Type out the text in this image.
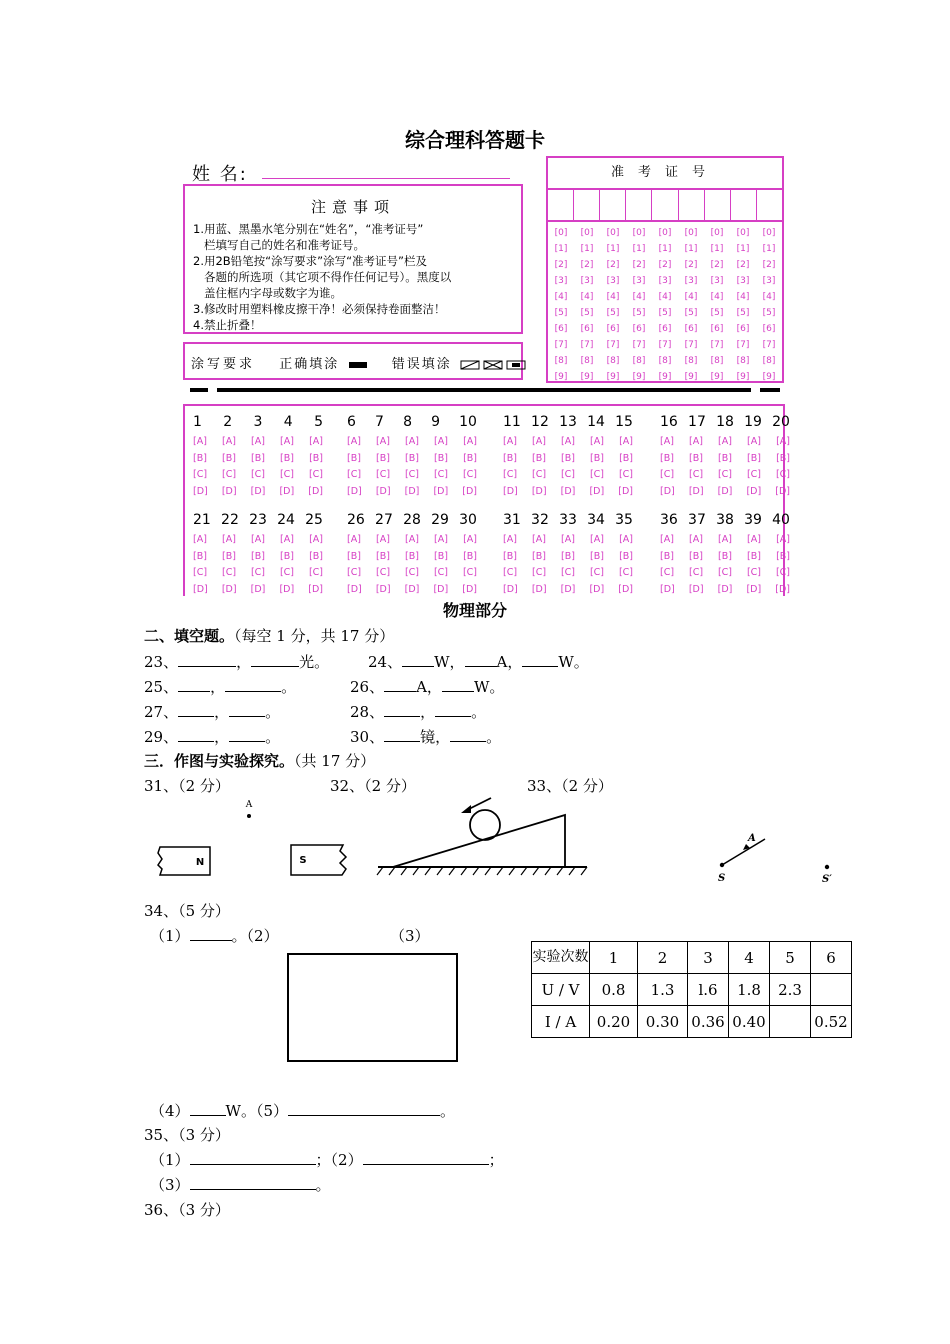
综合理科答题卡
姓 名:
注意事项
1.用蓝、黑墨水笔分别在“姓名”，“准考证号”
栏填写自己的姓名和准考证号。
2.用2B铅笔按“涂写要求”涂写“准考证号”栏及
各题的所选项（其它项不得作任何记号）。黑度以
盖住框内字母或数字为谁。
3.修改时用塑料橡皮擦干净！必须保持卷面整洁！
4.禁止折叠！
涂写要求 正确填涂	错误填涂
准考证号
[0] [0] [0] [0] [0] [0] [0] [0] [0]
[1] [1] [1] [1] [1] [1] [1] [1] [1]
[2] [2] [2] [2] [2] [2] [2] [2] [2]
[3] [3] [3] [3] [3] [3] [3] [3] [3]
[4] [4] [4] [4] [4] [4] [4] [4] [4]
[5] [5] [5] [5] [5] [5] [5] [5] [5]
[6] [6] [6] [6] [6] [6] [6] [6] [6]
[7] [7] [7] [7] [7] [7] [7] [7] [7]
[8] [8] [8] [8] [8] [8] [8] [8] [8]
[9] [9] [9] [9] [9] [9] [9] [9] [9]
1 2 3 4 5
[A] [A] [A] [A] [A]
[B] [B] [B] [B] [B]
[C] [C] [C] [C] [C]
[D] [D] [D] [D] [D]
6 7 8 9 10
[A] [A] [A] [A] [A]
[B] [B] [B] [B] [B]
[C] [C] [C] [C] [C]
[D] [D] [D] [D] [D]
11 12 13 14 15
[A] [A] [A] [A] [A]
[B] [B] [B] [B] [B]
[C] [C] [C] [C] [C]
[D] [D] [D] [D] [D]
16 17 18 19 20
[A] [A] [A] [A] [A]
[B] [B] [B] [B] [B]
[C] [C] [C] [C] [C]
[D] [D] [D] [D] [D]
21 22 23 24 25
[A] [A] [A] [A] [A]
[B] [B] [B] [B] [B]
[C] [C] [C] [C] [C]
[D] [D] [D] [D] [D]
26 27 28 29 30
[A] [A] [A] [A] [A]
[B] [B] [B] [B] [B]
[C] [C] [C] [C] [C]
[D] [D] [D] [D] [D]
31 32 33 34 35
[A] [A] [A] [A] [A]
[B] [B] [B] [B] [B]
[C] [C] [C] [C] [C]
[D] [D] [D] [D] [D]
36 37 38 39 40
[A] [A] [A] [A] [A]
[B] [B] [B] [B] [B]
[C] [C] [C] [C] [C]
[D] [D] [D] [D] [D]
物理部分
二、填空题。（每空 1 分，共 17 分）
23、	，	光。	24、 W， A， W。
25、 ，	。	26、 A， W。
27、 ， 。	28、 ， 。
29、 ， 。	30、 镜， 。
三．作图与实验探究。（共 17 分）
31、（2 分）	32、（2 分）	33、（2 分）
A
N	S
S
A
S′
34、（5 分）
（1）	。（2）	（3）
实验次数	1	2	3	4	5	6
U / V	0.8	1.3	l.6	1.8	2.3	
I / A	0.20	0.30	0.36	0.40		0.52
（4） W。（5）	。
35、（3 分）
（1）	；（2）	；
（3）	。
36、（3 分）
